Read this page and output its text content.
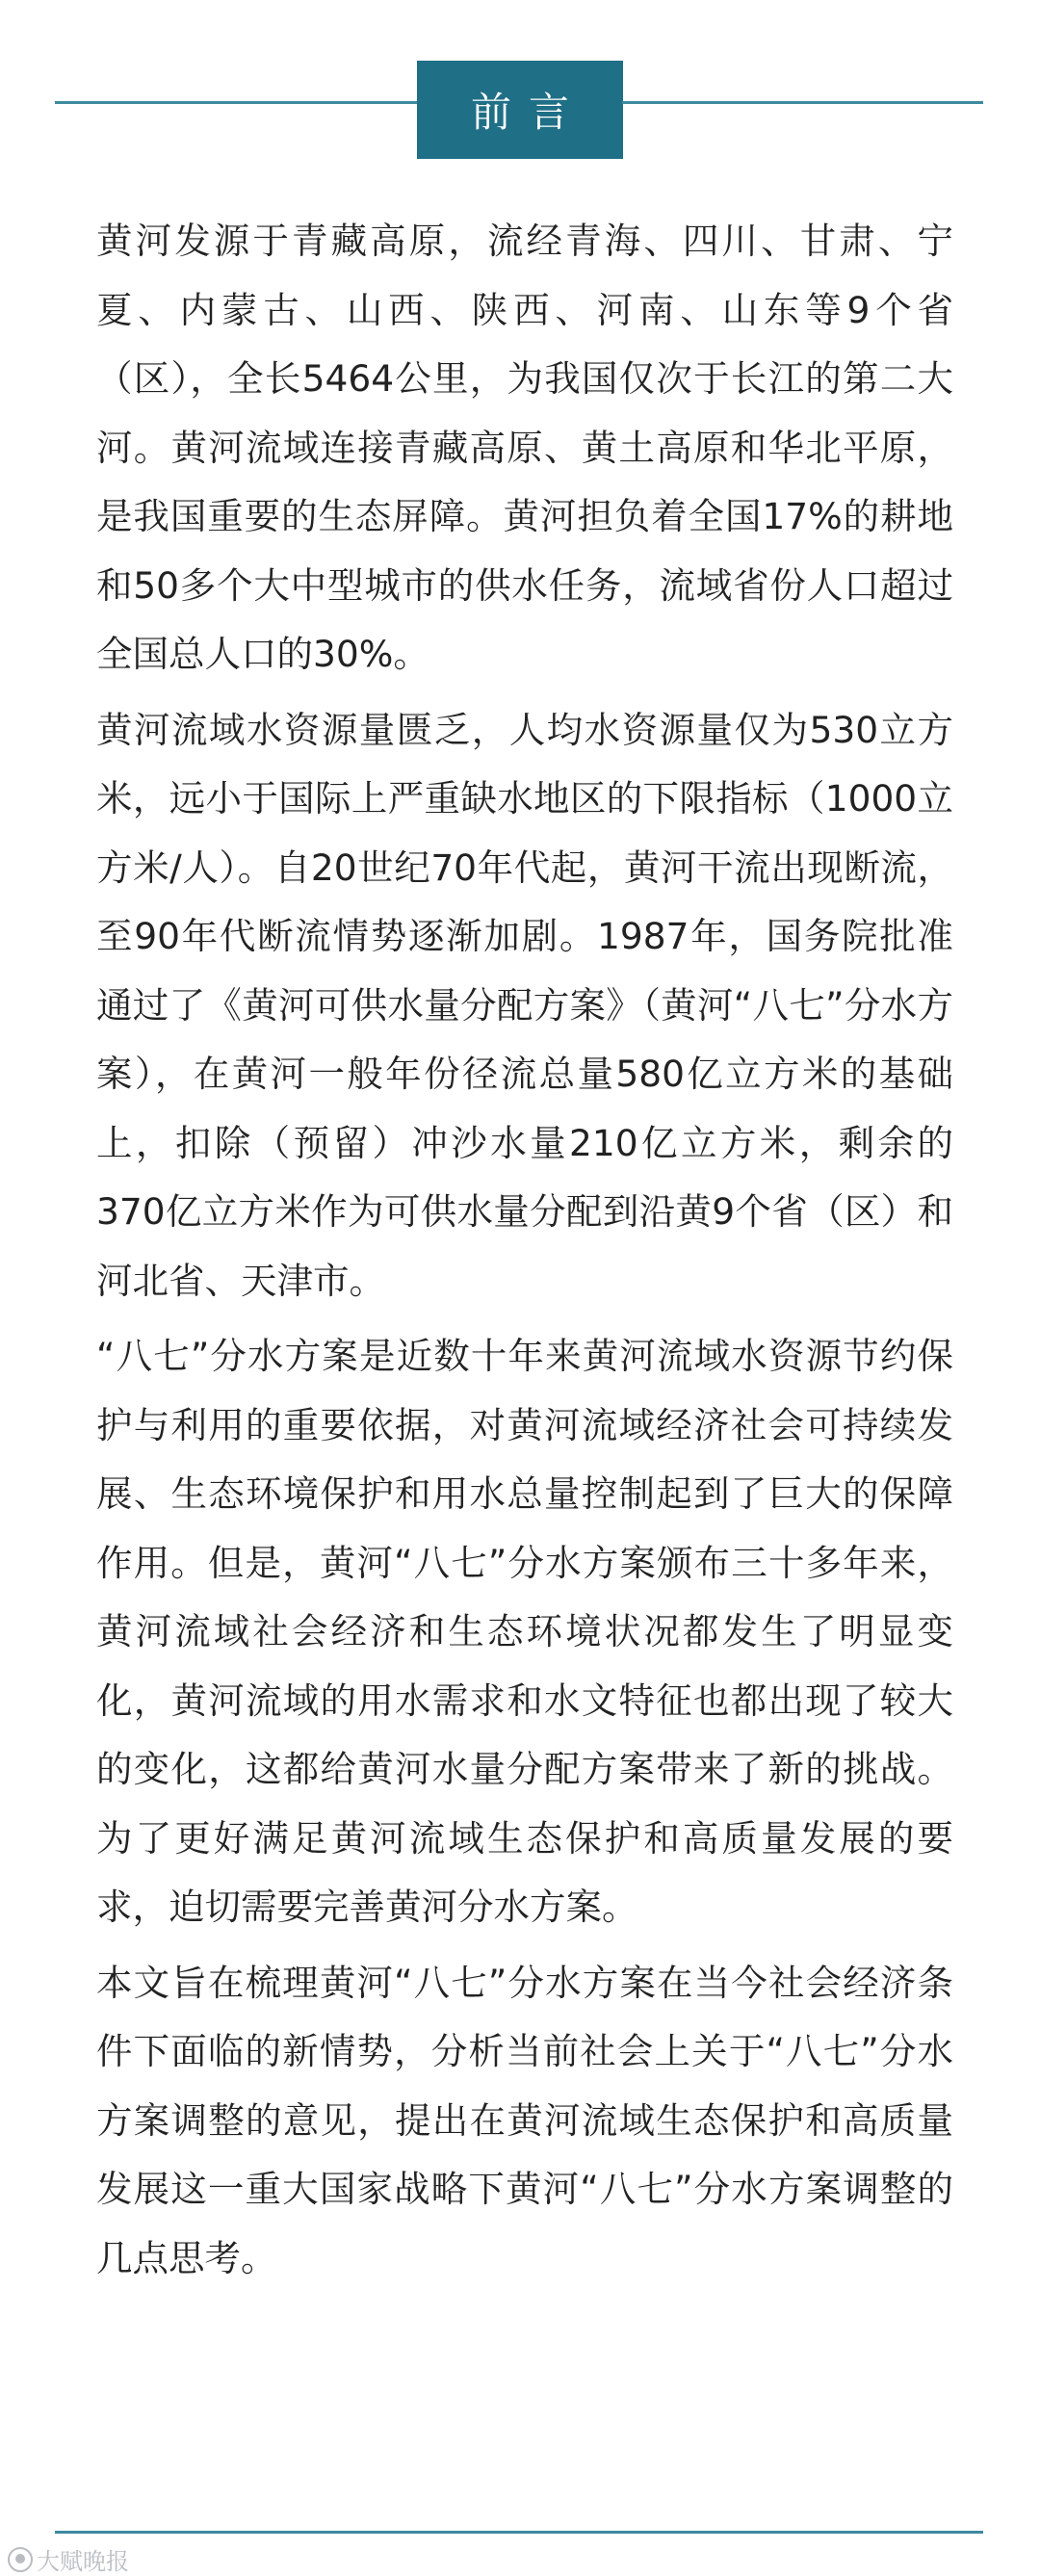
前言

黄河发源于青藏高原，流经青海、四川、甘肃、宁夏、内蒙古、山西、陕西、河南、山东等9个省（区），全长5464公里，为我国仅次于长江的第二大河。黄河流域连接青藏高原、黄土高原和华北平原，是我国重要的生态屏障。黄河担负着全国17%的耕地和50多个大中型城市的供水任务，流域省份人口超过全国总人口的30%。

黄河流域水资源量匮乏，人均水资源量仅为530立方米，远小于国际上严重缺水地区的下限指标（1000立方米/人）。自20世纪70年代起，黄河干流出现断流，至90年代断流情势逐渐加剧。1987年，国务院批准通过了《黄河可供水量分配方案》（黄河“八七”分水方案），在黄河一般年份径流总量580亿立方米的基础上，扣除（预留）冲沙水量210亿立方米，剩余的370亿立方米作为可供水量分配到沿黄9个省（区）和河北省、天津市。

“八七”分水方案是近数十年来黄河流域水资源节约保护与利用的重要依据，对黄河流域经济社会可持续发展、生态环境保护和用水总量控制起到了巨大的保障作用。但是，黄河“八七”分水方案颁布三十多年来，黄河流域社会经济和生态环境状况都发生了明显变化，黄河流域的用水需求和水文特征也都出现了较大的变化，这都给黄河水量分配方案带来了新的挑战。为了更好满足黄河流域生态保护和高质量发展的要求，迫切需要完善黄河分水方案。

本文旨在梳理黄河“八七”分水方案在当今社会经济条件下面临的新情势，分析当前社会上关于“八七”分水方案调整的意见，提出在黄河流域生态保护和高质量发展这一重大国家战略下黄河“八七”分水方案调整的几点思考。

大赋晚报
